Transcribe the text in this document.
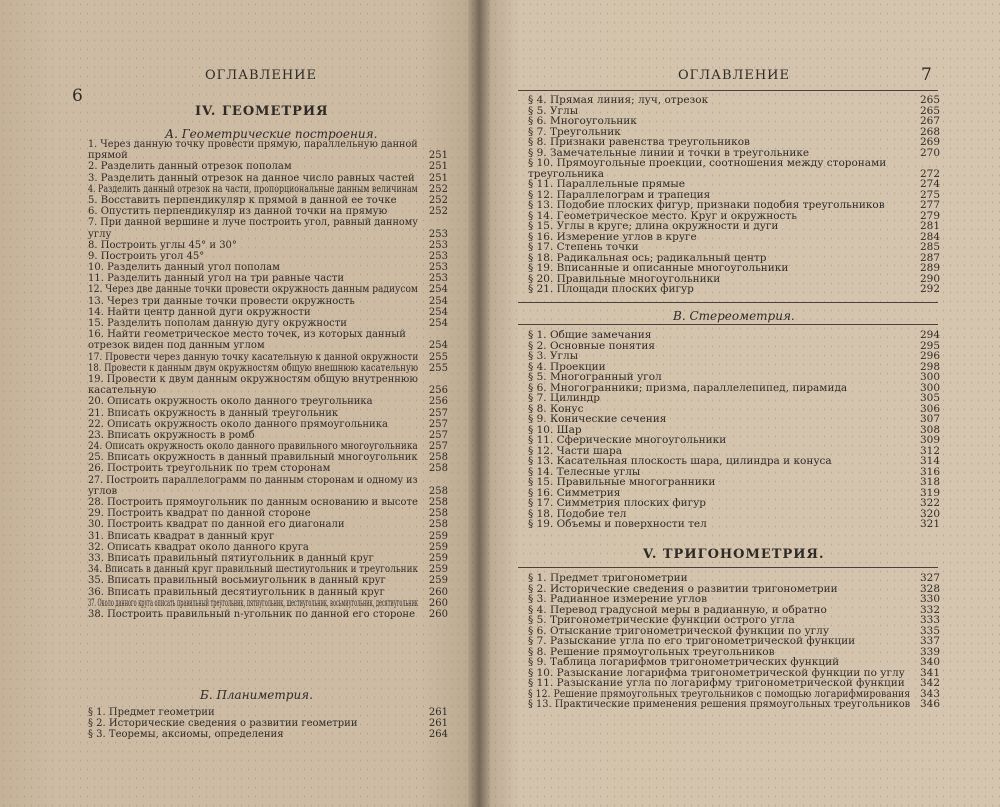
ОГЛАВЛЕНИЕ
6
IV. ГЕОМЕТРИЯ
А. Геометрические построения.
1. Через данную точку провести прямую, параллельную данной
прямой	251
2. Разделить данный отрезок пополам	251
3. Разделить данный отрезок на данное число равных частей 251
4. Разделить данный отрезок на части, пропорциональные данным величинам 252
5. Восставить перпендикуляр к прямой в данной ее точке	252
6. Опустить перпендикуляр из данной точки на прямую	252
7. При данной вершине и луче построить угол, равный данному
углу	253
8. Построить углы 45° и 30°	253
9. Построить угол 45°	253
10. Разделить данный угол пополам	253
11. Разделить данный угол на три равные части	253
12. Через две данные точки провести окружность данным радиусом 254
13. Через три данные точки провести окружность	254
14. Найти центр данной дуги окружности	254
15. Разделить пополам данную дугу окружности	254
16. Найти геометрическое место точек, из которых данный
отрезок виден под данным углом	254
17. Провести через данную точку касательную к данной окружности 255
18. Провести к данным двум окружностям общую внешнюю касательную 255
19. Провести к двум данным окружностям общую внутреннюю
касательную	256
20. Описать окружность около данного треугольника	256
21. Вписать окружность в данный треугольник	257
22. Описать окружность около данного прямоугольника	257
23. Вписать окружность в ромб	257
24. Описать окружность около данного правильного многоугольника 257
25. Вписать окружность в данный правильный многоугольник 258
26. Построить треугольник по трем сторонам	258
27. Построить параллелограмм по данным сторонам и одному из
углов	258
28. Построить прямоугольник по данным основанию и высоте 258
29. Построить квадрат по данной стороне	258
30. Построить квадрат по данной его диагонали	258
31. Вписать квадрат в данный круг	259
32. Описать квадрат около данного круга	259
33. Вписать правильный пятиугольник в данный круг	259
34. Вписать в данный круг правильный шестиугольник и треугольник 259
35. Вписать правильный восьмиугольник в данный круг	259
36. Вписать правильный десятиугольник в данный круг	260
37. Около данного круга описать правильный треугольник, пятиугольник, шестиугольник, восьмиугольник, десятиугольник 260
38. Построить правильный n-угольник по данной его стороне 260
Б. Планиметрия.
§ 1. Предмет геометрии	261
§ 2. Исторические сведения о развитии геометрии	261
§ 3. Теоремы, аксиомы, определения	264
ОГЛАВЛЕНИЕ	7
§ 4. Прямая линия; луч, отрезок	265
§ 5. Углы	265
§ 6. Многоугольник	267
§ 7. Треугольник	268
§ 8. Признаки равенства треугольников	269
§ 9. Замечательные линии и точки в треугольнике	270
§ 10. Прямоугольные проекции, соотношения между сторонами
треугольника	272
§ 11. Параллельные прямые	274
§ 12. Параллелограм и трапеция	275
§ 13. Подобие плоских фигур, признаки подобия треугольников	277
§ 14. Геометрическое место. Круг и окружность	279
§ 15. Углы в круге; длина окружности и дуги	281
§ 16. Измерение углов в круге	284
§ 17. Степень точки	285
§ 18. Радикальная ось; радикальный центр	287
§ 19. Вписанные и описанные многоугольники	289
§ 20. Правильные многоугольники	290
§ 21. Площади плоских фигур	292
В. Стереометрия.
§ 1. Общие замечания	294
§ 2. Основные понятия	295
§ 3. Углы	296
§ 4. Проекции	298
§ 5. Многогранный угол	300
§ 6. Многогранники; призма, параллелепипед, пирамида	300
§ 7. Цилиндр	305
§ 8. Конус	306
§ 9. Конические сечения	307
§ 10. Шар	308
§ 11. Сферические многоугольники	309
§ 12. Части шара	312
§ 13. Касательная плоскость шара, цилиндра и конуса	314
§ 14. Телесные углы	316
§ 15. Правильные многогранники	318
§ 16. Симметрия	319
§ 17. Симметрия плоских фигур	322
§ 18. Подобие тел	320
§ 19. Объемы и поверхности тел	321
V. ТРИГОНОМЕТРИЯ.
§ 1. Предмет тригонометрии	327
§ 2. Исторические сведения о развитии тригонометрии	328
§ 3. Радианное измерение углов	330
§ 4. Перевод градусной меры в радианную, и обратно	332
§ 5. Тригонометрические функции острого угла	333
§ 6. Отыскание тригонометрической функции по углу	335
§ 7. Разыскание угла по его тригонометрической функции	337
§ 8. Решение прямоугольных треугольников	339
§ 9. Таблица логарифмов тригонометрических функций	340
§ 10. Разыскание логарифма тригонометрической функции по углу 341
§ 11. Разыскание угла по логарифму тригонометрической функции 342
§ 12. Решение прямоугольных треугольников с помощью логарифмирования 343
§ 13. Практические применения решения прямоугольных треугольников 346
